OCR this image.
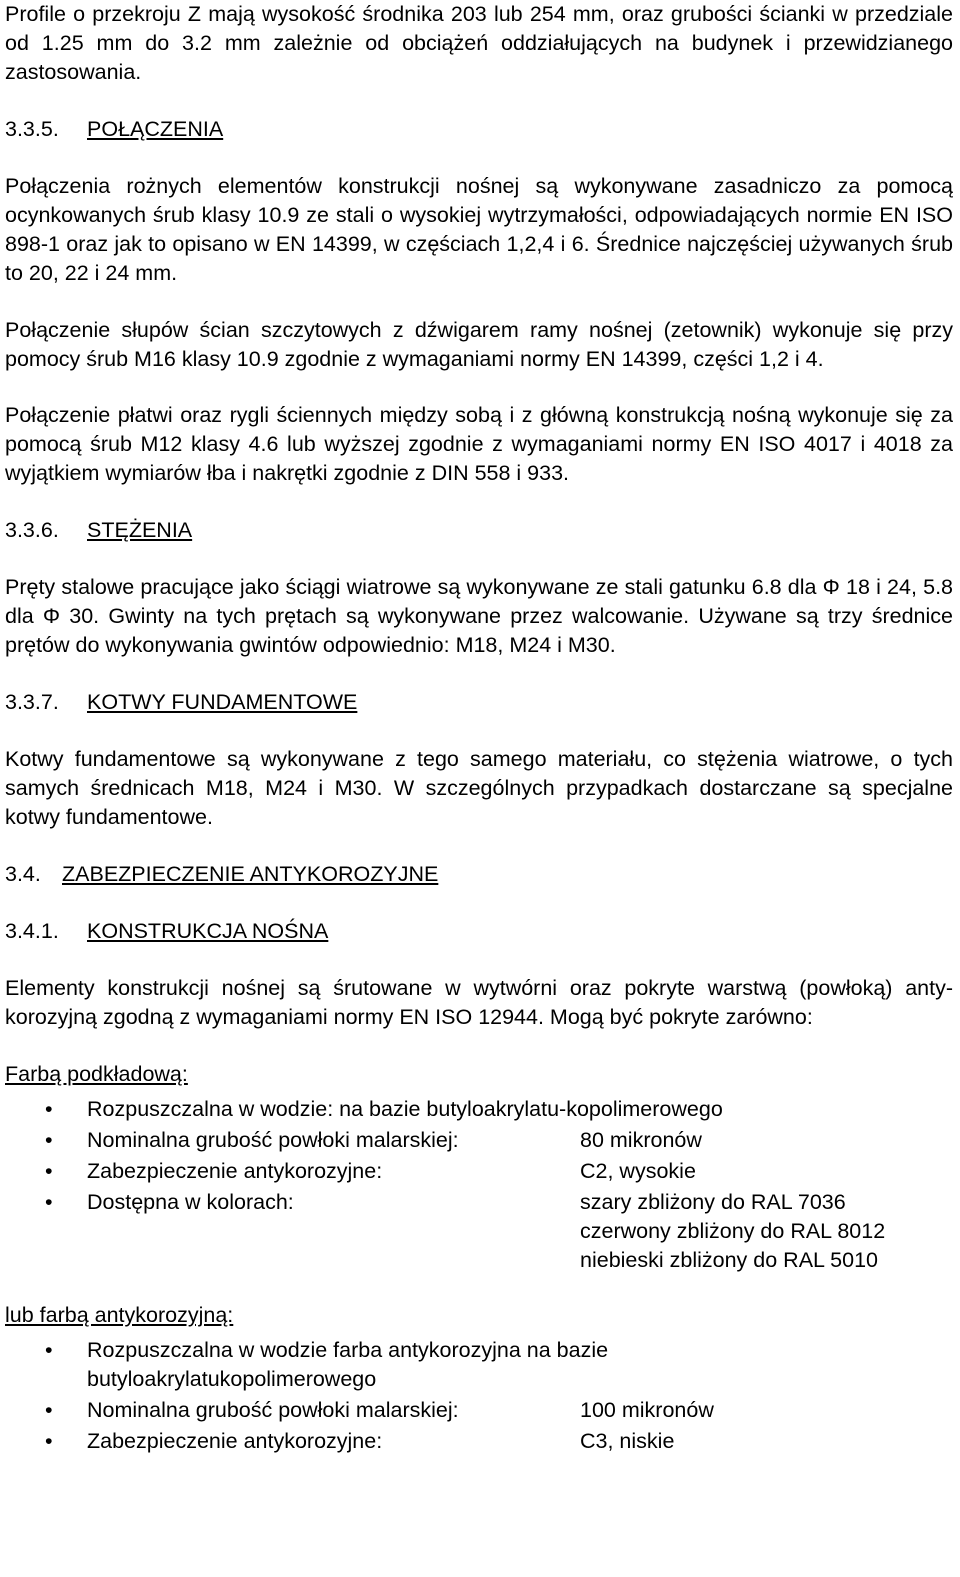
Profile o przekroju Z mają wysokość środnika 203 lub 254 mm, oraz grubości ścianki w przedziale od 1.25 mm do 3.2 mm zależnie od obciążeń oddziałujących na budynek i przewidzianego zastosowania.

3.3.5. POŁĄCZENIA

Połączenia rożnych elementów konstrukcji nośnej są wykonywane zasadniczo za pomocą ocynkowanych śrub klasy 10.9 ze stali o wysokiej wytrzymałości, odpowiadających normie EN ISO 898-1 oraz jak to opisano w EN 14399, w częściach 1,2,4 i 6. Średnice najczęściej używanych śrub to 20, 22 i 24 mm.

Połączenie słupów ścian szczytowych z dźwigarem ramy nośnej (zetownik) wykonuje się przy pomocy śrub M16 klasy 10.9 zgodnie z wymaganiami normy EN 14399, części 1,2 i 4.

Połączenie płatwi oraz rygli ściennych między sobą i z główną konstrukcją nośną wykonuje się za pomocą śrub M12 klasy 4.6 lub wyższej zgodnie z wymaganiami normy EN ISO 4017 i 4018 za wyjątkiem wymiarów łba i nakrętki zgodnie z DIN 558 i 933.

3.3.6. STĘŻENIA

Pręty stalowe pracujące jako ściągi wiatrowe są wykonywane ze stali gatunku 6.8 dla Φ 18 i 24, 5.8 dla Φ 30. Gwinty na tych prętach są wykonywane przez walcowanie. Używane są trzy średnice prętów do wykonywania gwintów odpowiednio: M18, M24 i M30.

3.3.7. KOTWY FUNDAMENTOWE

Kotwy fundamentowe są wykonywane z tego samego materiału, co stężenia wiatrowe, o tych samych średnicach M18, M24 i M30. W szczególnych przypadkach dostarczane są specjalne kotwy fundamentowe.

3.4. ZABEZPIECZENIE ANTYKOROZYJNE

3.4.1. KONSTRUKCJA NOŚNA

Elementy konstrukcji nośnej są śrutowane w wytwórni oraz pokryte warstwą (powłoką) anty- korozyjną zgodną z wymaganiami normy EN ISO 12944. Mogą być pokryte zarówno:

Farbą podkładową:

• Rozpuszczalna w wodzie: na bazie butyloakrylatu-kopolimerowego
• Nominalna grubość powłoki malarskiej:	80 mikronów
• Zabezpieczenie antykorozyjne:	C2, wysokie
• Dostępna w kolorach:	szary zbliżony do RAL 7036
czerwony zbliżony do RAL 8012
niebieski zbliżony do RAL 5010

lub farbą antykorozyjną:

• Rozpuszczalna w wodzie farba antykorozyjna na bazie
butyloakrylatukopolimerowego
• Nominalna grubość powłoki malarskiej:	100 mikronów
• Zabezpieczenie antykorozyjne:	C3, niskie
